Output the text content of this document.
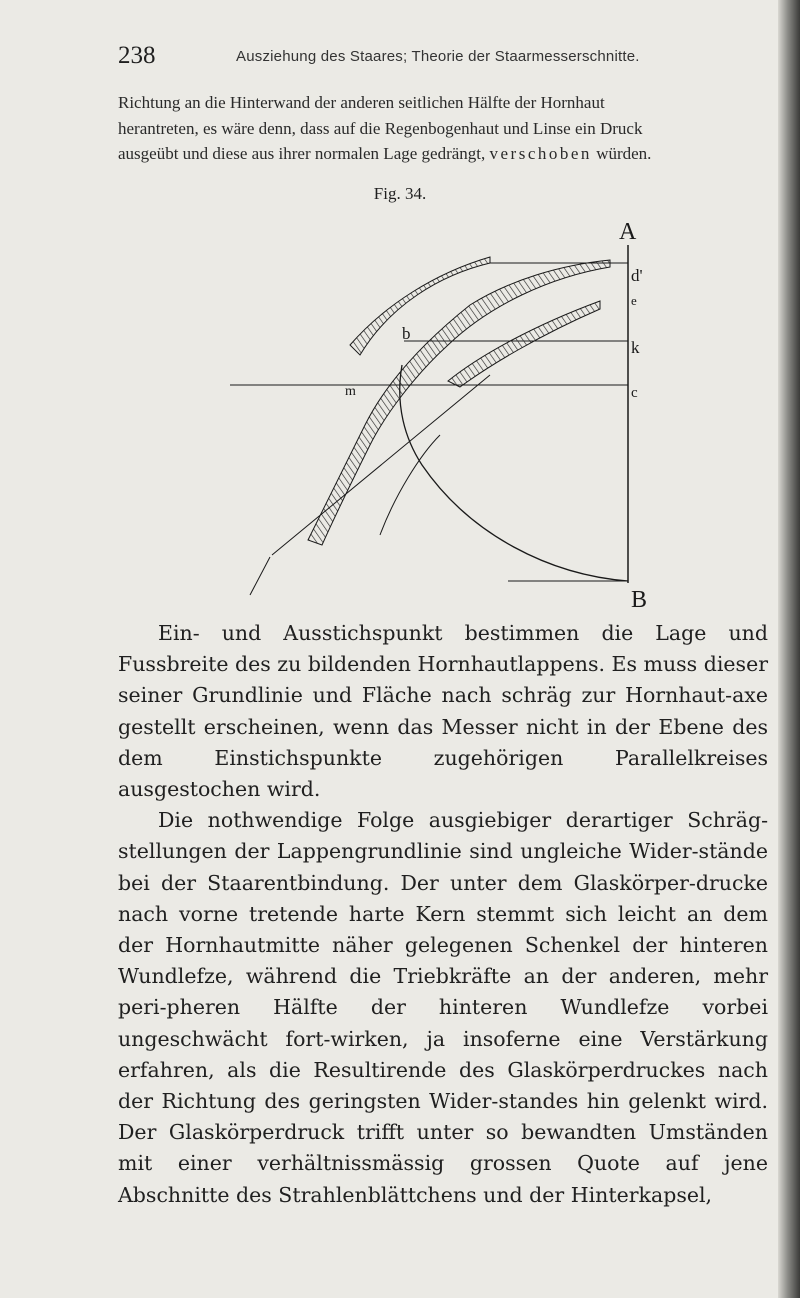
238	Ausziehung des Staares; Theorie der Staarmesserschnitte.

Richtung an die Hinterwand der anderen seitlichen Hälfte der Hornhaut

herantreten, es wäre denn, dass auf die Regenbogenhaut und Linse ein Druck

ausgeübt und diese aus ihrer normalen Lage gedrängt, verschoben würden.

Fig. 34.
A
d'
e
k
c
B
b
m

Ein- und Ausstichspunkt bestimmen die Lage und Fussbreite des zu bildenden Hornhautlappens. Es muss dieser seiner Grundlinie und Fläche nach schräg zur Hornhaut-axe gestellt erscheinen, wenn das Messer nicht in der Ebene des dem Einstichspunkte zugehörigen Parallelkreises ausgestochen wird.

Die nothwendige Folge ausgiebiger derartiger Schräg-stellungen der Lappengrundlinie sind ungleiche Wider-stände bei der Staarentbindung. Der unter dem Glaskörper-drucke nach vorne tretende harte Kern stemmt sich leicht an dem der Hornhautmitte näher gelegenen Schenkel der hinteren Wundlefze, während die Triebkräfte an der anderen, mehr peri-pheren Hälfte der hinteren Wundlefze vorbei ungeschwächt fort-wirken, ja insoferne eine Verstärkung erfahren, als die Resultirende des Glaskörperdruckes nach der Richtung des geringsten Wider-standes hin gelenkt wird. Der Glaskörperdruck trifft unter so bewandten Umständen mit einer verhältnissmässig grossen Quote auf jene Abschnitte des Strahlenblättchens und der Hinterkapsel,
